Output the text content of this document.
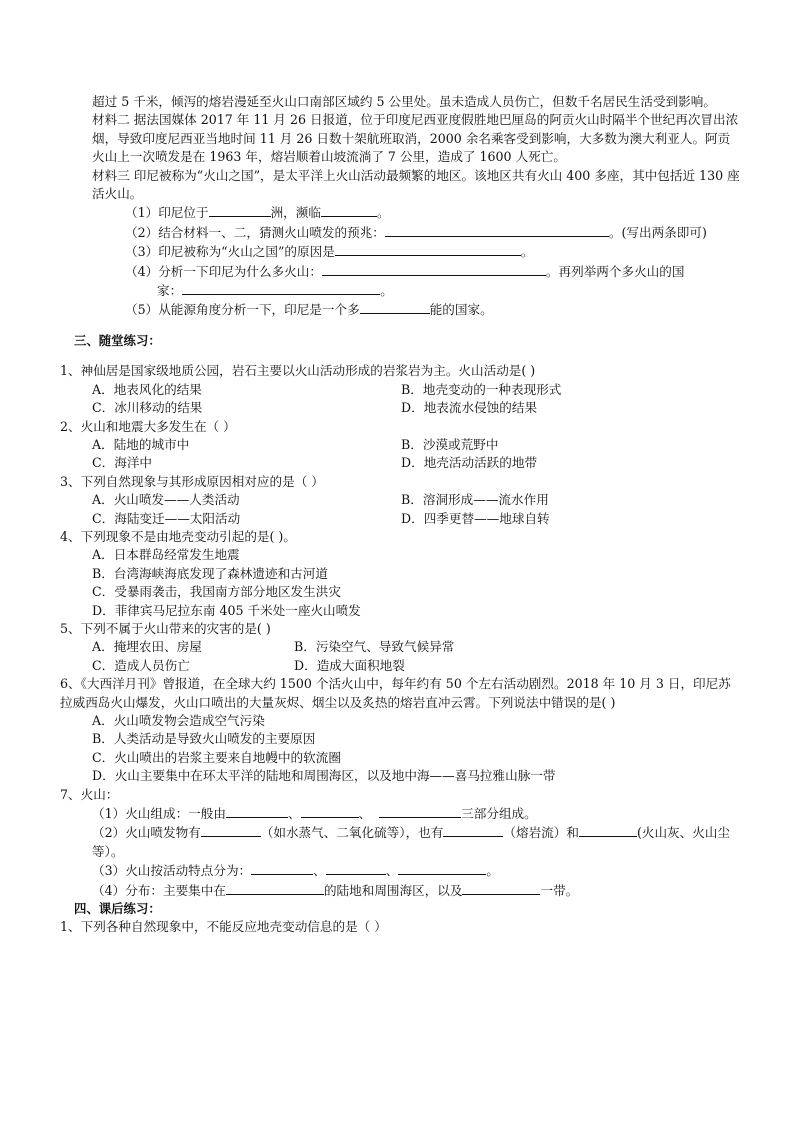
超过 5 千米，倾泻的熔岩漫延至火山口南部区域约 5 公里处。虽未造成人员伤亡，但数千名居民生活受到影响。

材料二 据法国媒体 2017 年 11 月 26 日报道，位于印度尼西亚度假胜地巴厘岛的阿贡火山时隔半个世纪再次冒出浓烟，导致印度尼西亚当地时间 11 月 26 日数十架航班取消，2000 余名乘客受到影响，大多数为澳大利亚人。阿贡火山上一次喷发是在 1963 年，熔岩顺着山坡流淌了 7 公里，造成了 1600 人死亡。

材料三 印尼被称为“火山之国”，是太平洋上火山活动最频繁的地区。该地区共有火山 400 多座，其中包括近 130 座活火山。

（1）印尼位于	洲，濒临	。

（2）结合材料一、二，猜测火山喷发的预兆：	。(写出两条即可)

（3）印尼被称为“火山之国”的原因是	。

（4）分析一下印尼为什么多火山：	。再列举两个多火山的国

家：	。

（5）从能源角度分析一下，印尼是一个多	能的国家。

三、随堂练习：

1、神仙居是国家级地质公园，岩石主要以火山活动形成的岩浆岩为主。火山活动是( )

A．地表风化的结果	B．地壳变动的一种表现形式
C．冰川移动的结果	D．地表流水侵蚀的结果

2、火山和地震大多发生在（ ）

A．陆地的城市中	B．沙漠或荒野中
C．海洋中	D．地壳活动活跃的地带

3、下列自然现象与其形成原因相对应的是（ ）

A．火山喷发——人类活动	B．溶洞形成——流水作用
C．海陆变迁——太阳活动	D．四季更替——地球自转

4、下列现象不是由地壳变动引起的是( )。

A．日本群岛经常发生地震

B．台湾海峡海底发现了森林遗迹和古河道

C．受暴雨袭击，我国南方部分地区发生洪灾

D．菲律宾马尼拉东南 405 千米处一座火山喷发

5、下列不属于火山带来的灾害的是( )

A．掩埋农田、房屋	B．污染空气、导致气候异常
C．造成人员伤亡	D．造成大面积地裂

6、《大西洋月刊》曾报道，在全球大约 1500 个活火山中，每年约有 50 个左右活动剧烈。2018 年 10 月 3 日，印尼苏拉威西岛火山爆发，火山口喷出的大量灰烬、烟尘以及炙热的熔岩直冲云霄。下列说法中错误的是( )

A．火山喷发物会造成空气污染

B．人类活动是导致火山喷发的主要原因

C．火山喷出的岩浆主要来自地幔中的软流圈

D．火山主要集中在环太平洋的陆地和周围海区，以及地中海——喜马拉雅山脉一带

7、火山：

（1）火山组成：一般由	、	、	三部分组成。

（2）火山喷发物有	（如水蒸气、二氧化硫等），也有	（熔岩流）和	(火山灰、火山尘等）。

（3）火山按活动特点分为：	、	、	。

（4）分布：主要集中在	的陆地和周围海区，以及	一带。

四、课后练习：

1、下列各种自然现象中，不能反应地壳变动信息的是（ ）
